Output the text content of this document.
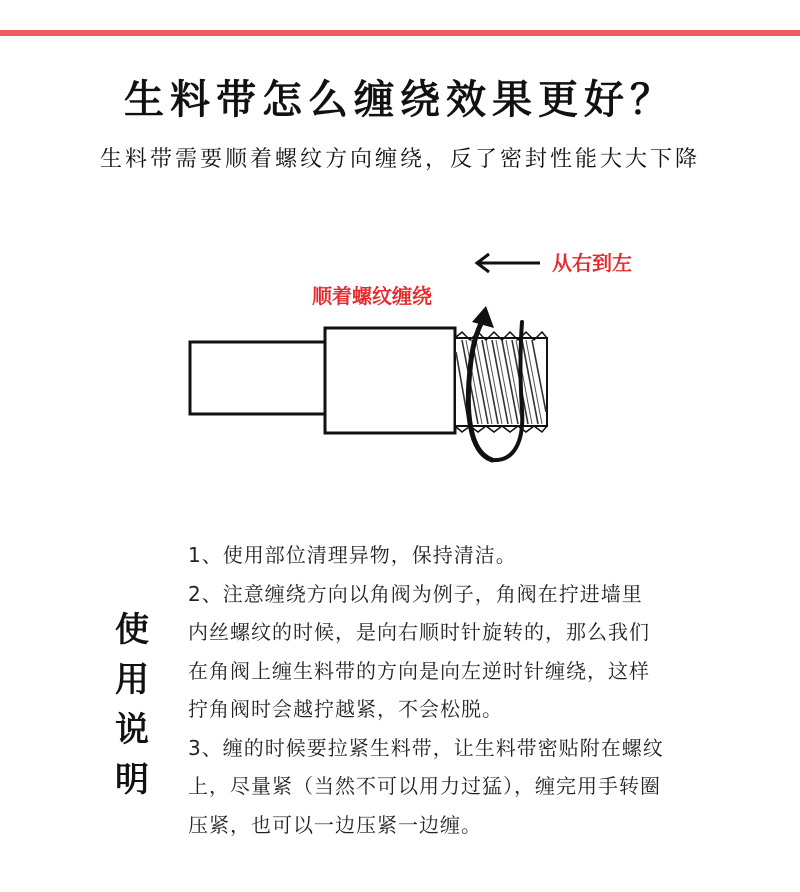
生料带怎么缠绕效果更好？
生料带需要顺着螺纹方向缠绕，反了密封性能大大下降
从右到左
顺着螺纹缠绕
使
用
说
明

1、使用部位清理异物，保持清洁。

2、注意缠绕方向以角阀为例子，角阀在拧进墙里

内丝螺纹的时候，是向右顺时针旋转的，那么我们

在角阀上缠生料带的方向是向左逆时针缠绕，这样

拧角阀时会越拧越紧，不会松脱。

3、缠的时候要拉紧生料带，让生料带密贴附在螺纹

上，尽量紧（当然不可以用力过猛），缠完用手转圈

压紧，也可以一边压紧一边缠。
